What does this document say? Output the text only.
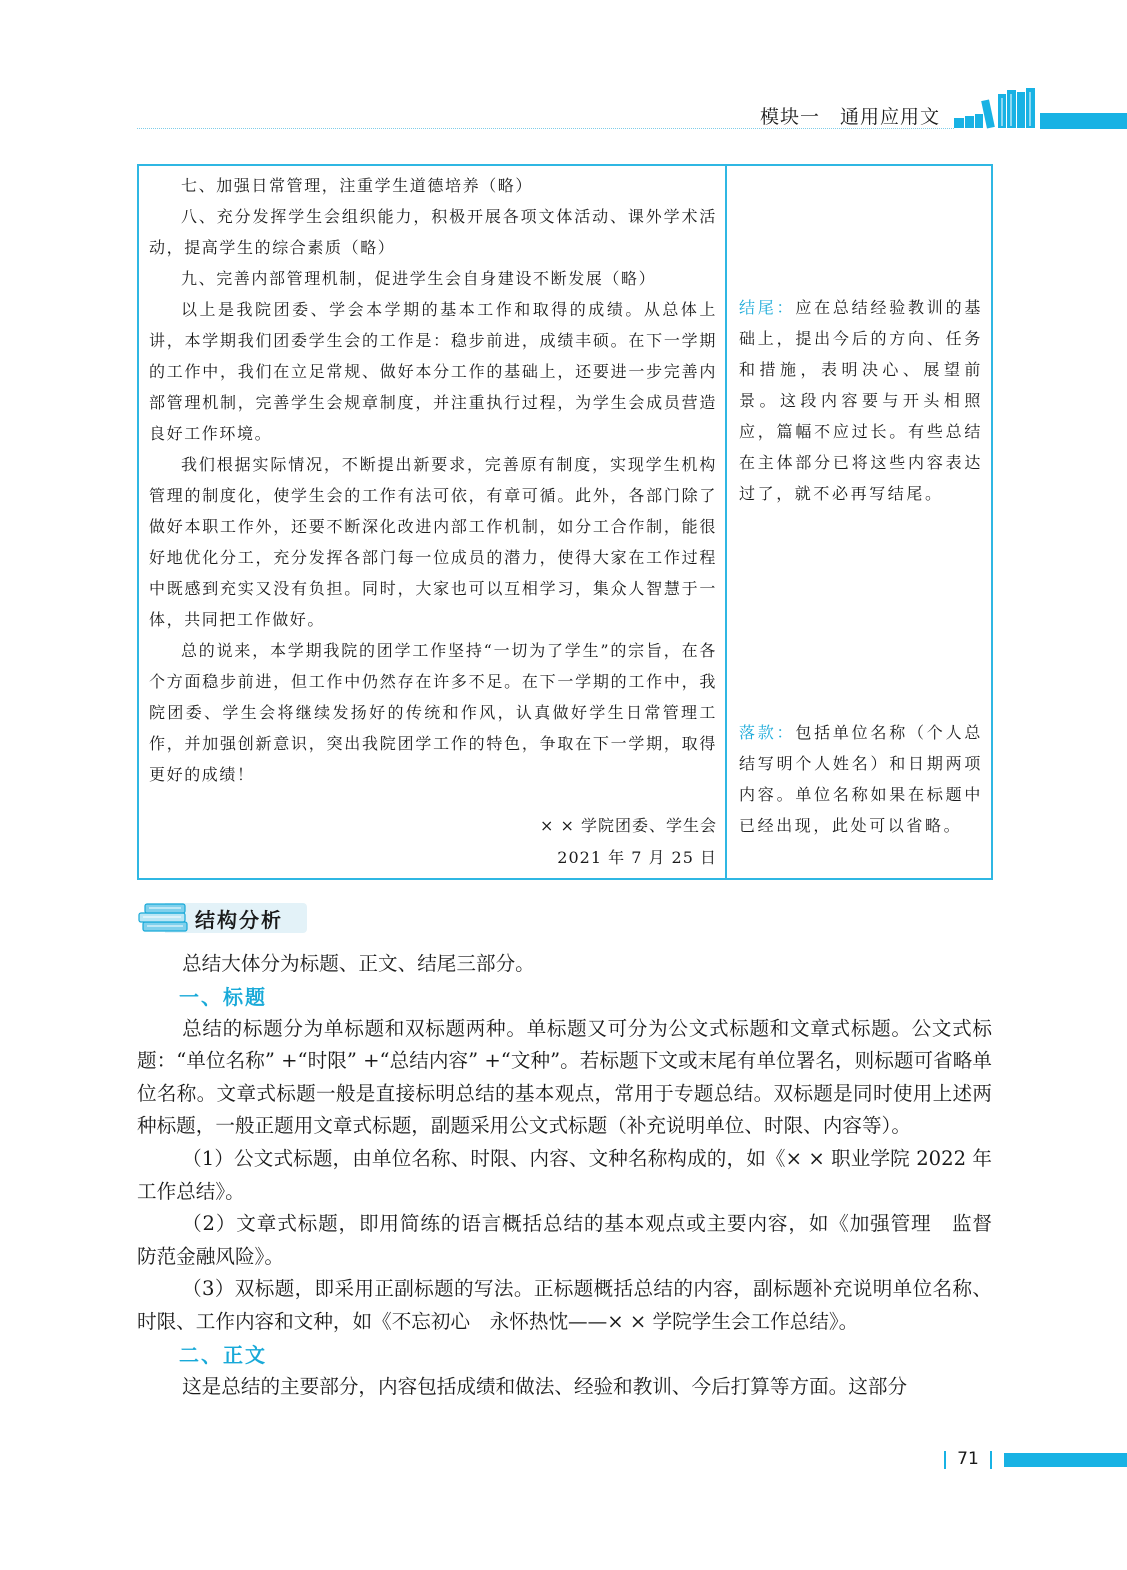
模块一　通用应用文

七、加强日常管理，注重学生道德培养（略）

八、充分发挥学生会组织能力，积极开展各项文体活动、课外学术活动，提高学生的综合素质（略）

九、完善内部管理机制，促进学生会自身建设不断发展（略）

以上是我院团委、学会本学期的基本工作和取得的成绩。从总体上讲，本学期我们团委学生会的工作是：稳步前进，成绩丰硕。在下一学期的工作中，我们在立足常规、做好本分工作的基础上，还要进一步完善内部管理机制，完善学生会规章制度，并注重执行过程，为学生会成员营造良好工作环境。

我们根据实际情况，不断提出新要求，完善原有制度，实现学生机构管理的制度化，使学生会的工作有法可依，有章可循。此外，各部门除了做好本职工作外，还要不断深化改进内部工作机制，如分工合作制，能很好地优化分工，充分发挥各部门每一位成员的潜力，使得大家在工作过程中既感到充实又没有负担。同时，大家也可以互相学习，集众人智慧于一体，共同把工作做好。

总的说来，本学期我院的团学工作坚持“一切为了学生”的宗旨，在各个方面稳步前进，但工作中仍然存在许多不足。在下一学期的工作中，我院团委、学生会将继续发扬好的传统和作风，认真做好学生日常管理工作，并加强创新意识，突出我院团学工作的特色，争取在下一学期，取得更好的成绩！

× × 学院团委、学生会
2021 年 7 月 25 日

结尾：应在总结经验教训的基础上，提出今后的方向、任务和措施，表明决心、展望前景。这段内容要与开头相照应，篇幅不应过长。有些总结在主体部分已将这些内容表达过了，就不必再写结尾。

落款：包括单位名称（个人总结写明个人姓名）和日期两项内容。单位名称如果在标题中已经出现，此处可以省略。

结构分析

总结大体分为标题、正文、结尾三部分。

一、标题

总结的标题分为单标题和双标题两种。单标题又可分为公文式标题和文章式标题。公文式标题：“单位名称” +“时限” +“总结内容” +“文种”。若标题下文或末尾有单位署名，则标题可省略单位名称。文章式标题一般是直接标明总结的基本观点，常用于专题总结。双标题是同时使用上述两种标题，一般正题用文章式标题，副题采用公文式标题（补充说明单位、时限、内容等）。

（1）公文式标题，由单位名称、时限、内容、文种名称构成的，如《× × 职业学院 2022 年工作总结》。

（2）文章式标题，即用简练的语言概括总结的基本观点或主要内容，如《加强管理　监督　防范金融风险》。

（3）双标题，即采用正副标题的写法。正标题概括总结的内容，副标题补充说明单位名称、时限、工作内容和文种，如《不忘初心　永怀热忱——× × 学院学生会工作总结》。

二、正文

这是总结的主要部分，内容包括成绩和做法、经验和教训、今后打算等方面。这部分

71
